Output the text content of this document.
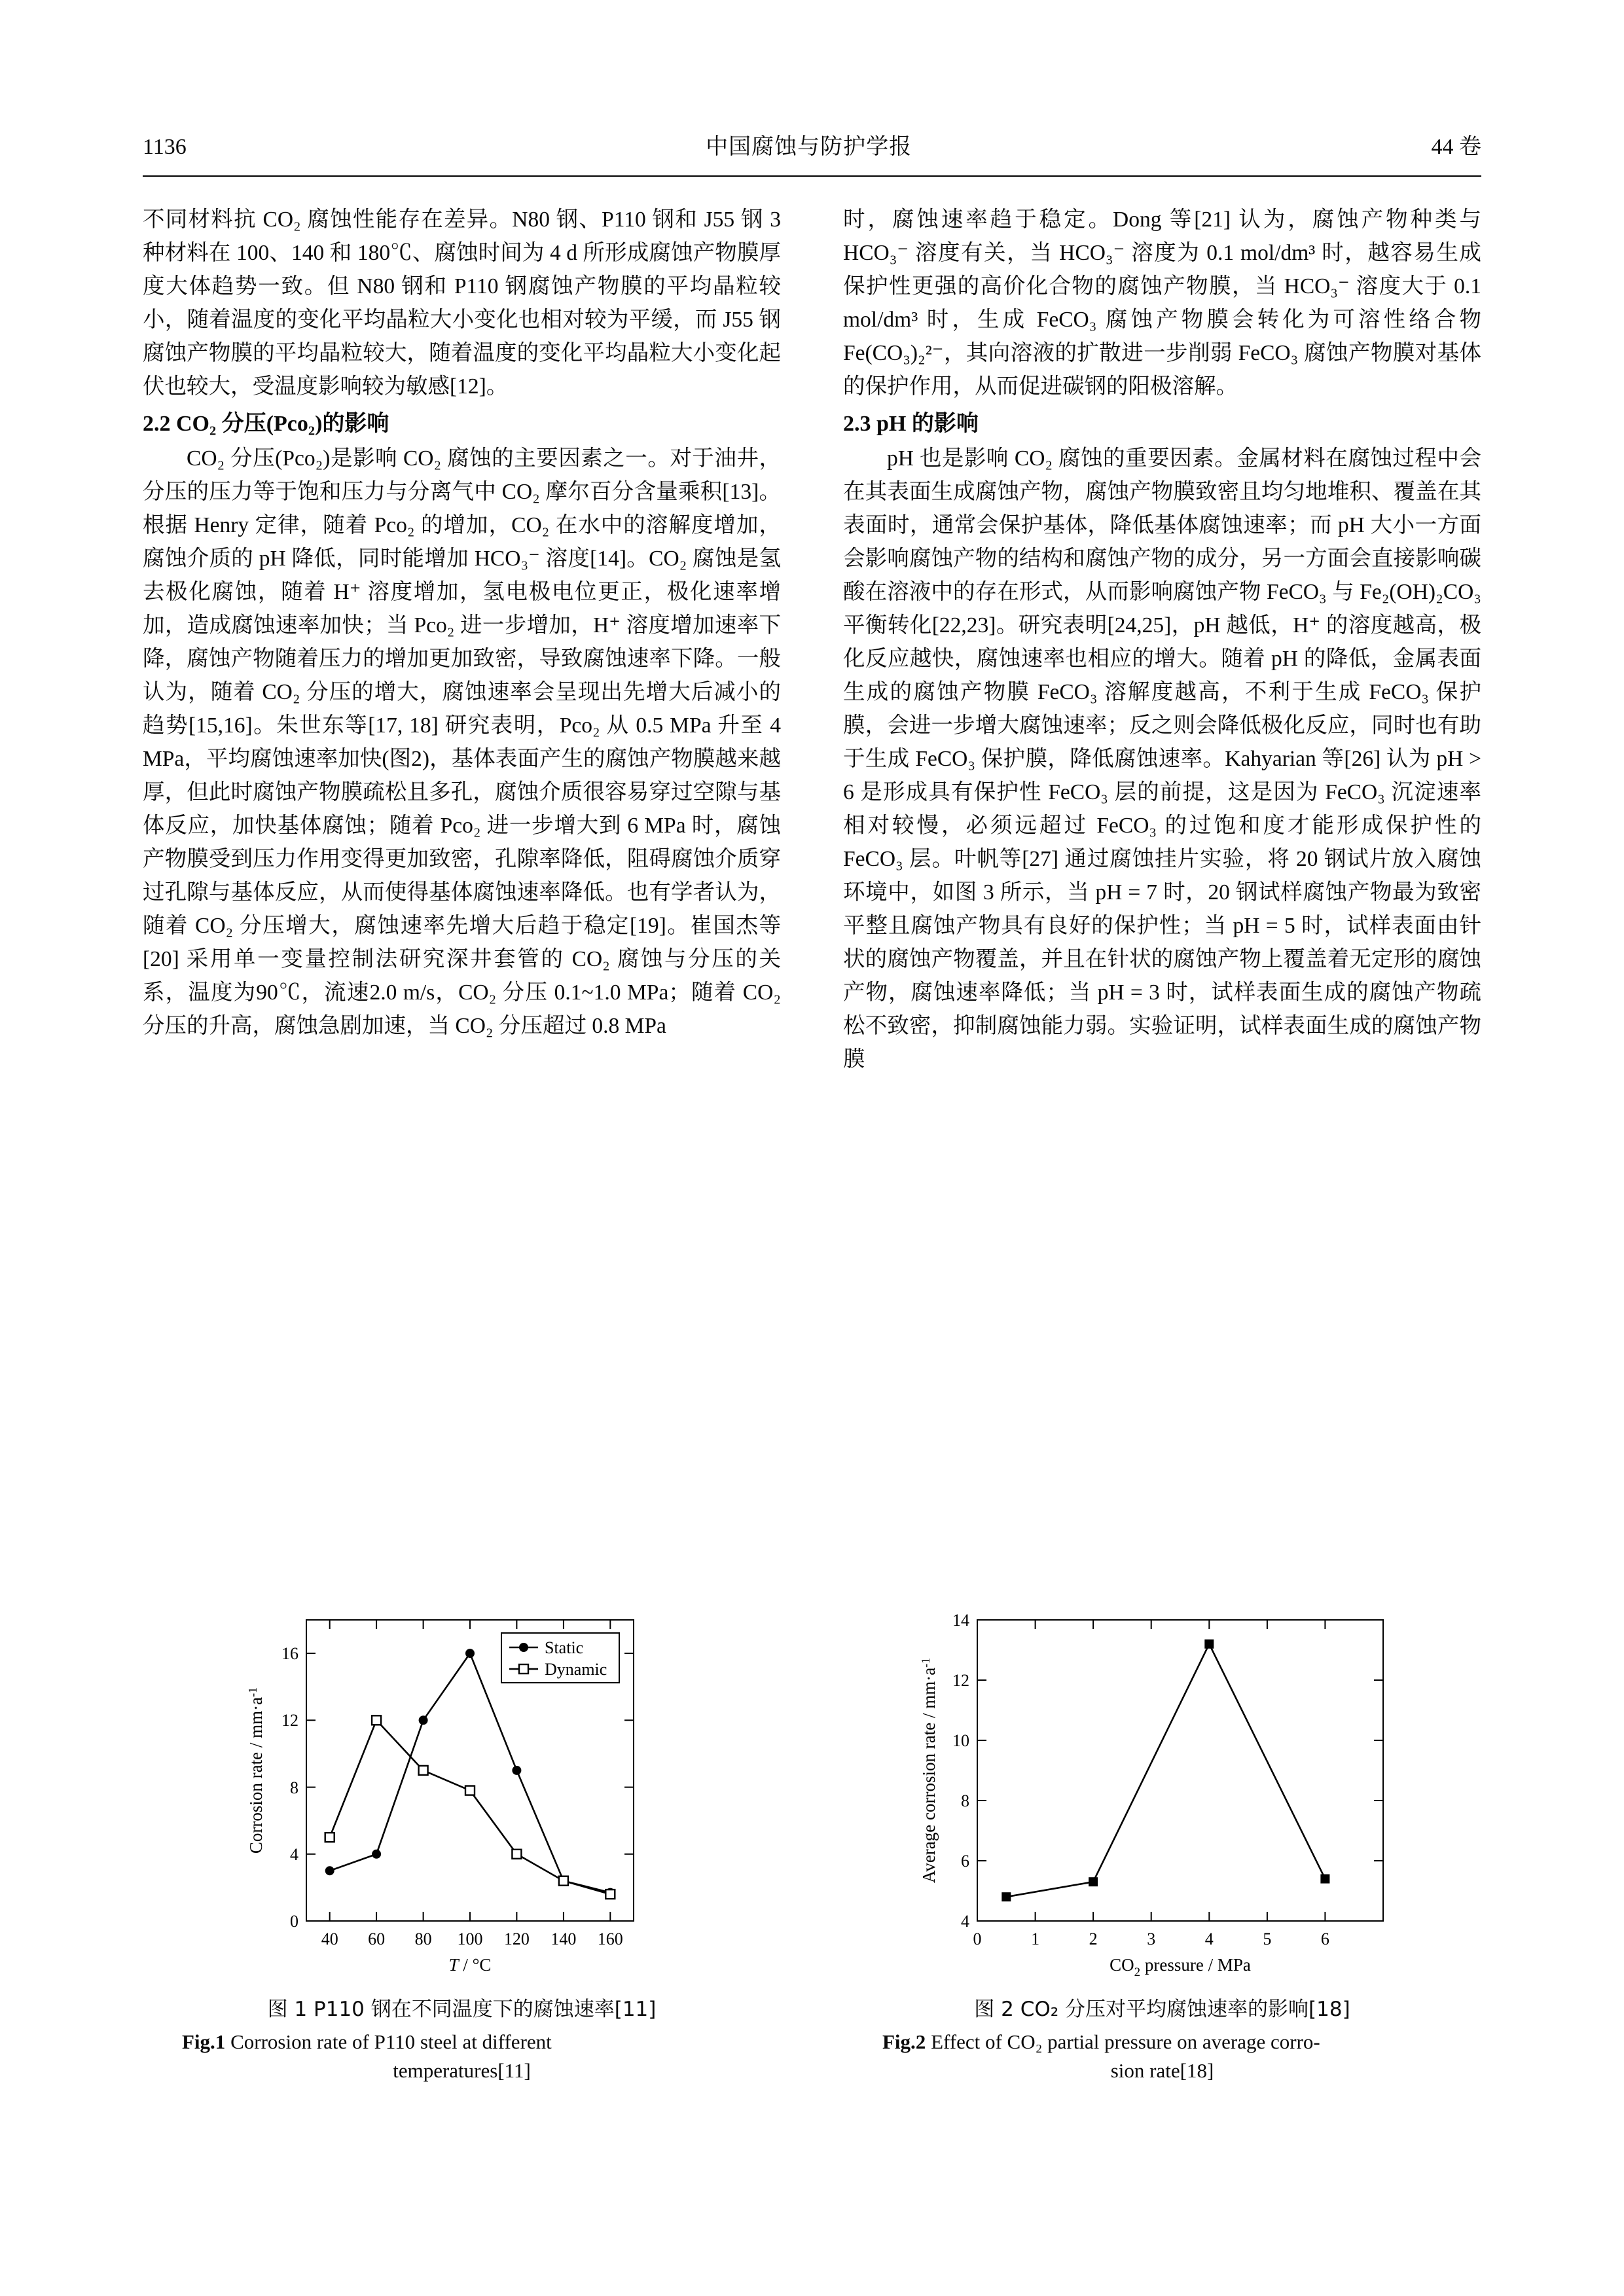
1136	中国腐蚀与防护学报	44 卷

不同材料抗 CO₂ 腐蚀性能存在差异。N80 钢、P110 钢和 J55 钢 3 种材料在 100、140 和 180℃、腐蚀时间为 4 d 所形成腐蚀产物膜厚度大体趋势一致。但 N80 钢和 P110 钢腐蚀产物膜的平均晶粒较小，随着温度的变化平均晶粒大小变化也相对较为平缓，而 J55 钢腐蚀产物膜的平均晶粒较大，随着温度的变化平均晶粒大小变化起伏也较大，受温度影响较为敏感[12]。

2.2 CO₂ 分压(Pco₂)的影响

CO₂ 分压(Pco₂)是影响 CO₂ 腐蚀的主要因素之一。对于油井，分压的压力等于饱和压力与分离气中 CO₂ 摩尔百分含量乘积[13]。根据 Henry 定律，随着 Pco₂ 的增加，CO₂ 在水中的溶解度增加，腐蚀介质的 pH 降低，同时能增加 HCO₃⁻ 溶度[14]。CO₂ 腐蚀是氢去极化腐蚀，随着 H⁺ 溶度增加，氢电极电位更正，极化速率增加，造成腐蚀速率加快；当 Pco₂ 进一步增加，H⁺ 溶度增加速率下降，腐蚀产物随着压力的增加更加致密，导致腐蚀速率下降。一般认为，随着 CO₂ 分压的增大，腐蚀速率会呈现出先增大后减小的趋势[15,16]。朱世东等[17, 18] 研究表明，Pco₂ 从 0.5 MPa 升至 4 MPa，平均腐蚀速率加快(图2)，基体表面产生的腐蚀产物膜越来越厚，但此时腐蚀产物膜疏松且多孔，腐蚀介质很容易穿过空隙与基体反应，加快基体腐蚀；随着 Pco₂ 进一步增大到 6 MPa 时，腐蚀产物膜受到压力作用变得更加致密，孔隙率降低，阻碍腐蚀介质穿过孔隙与基体反应，从而使得基体腐蚀速率降低。也有学者认为，随着 CO₂ 分压增大，腐蚀速率先增大后趋于稳定[19]。崔国杰等[20] 采用单一变量控制法研究深井套管的 CO₂ 腐蚀与分压的关系，温度为90℃，流速2.0 m/s，CO₂ 分压 0.1~1.0 MPa；随着 CO₂ 分压的升高，腐蚀急剧加速，当 CO₂ 分压超过 0.8 MPa

时，腐蚀速率趋于稳定。Dong 等[21] 认为，腐蚀产物种类与 HCO₃⁻ 溶度有关，当 HCO₃⁻ 溶度为 0.1 mol/dm³ 时，越容易生成保护性更强的高价化合物的腐蚀产物膜，当 HCO₃⁻ 溶度大于 0.1 mol/dm³ 时，生成 FeCO₃ 腐蚀产物膜会转化为可溶性络合物 Fe(CO₃)₂²⁻，其向溶液的扩散进一步削弱 FeCO₃ 腐蚀产物膜对基体的保护作用，从而促进碳钢的阳极溶解。

2.3 pH 的影响

pH 也是影响 CO₂ 腐蚀的重要因素。金属材料在腐蚀过程中会在其表面生成腐蚀产物，腐蚀产物膜致密且均匀地堆积、覆盖在其表面时，通常会保护基体，降低基体腐蚀速率；而 pH 大小一方面会影响腐蚀产物的结构和腐蚀产物的成分，另一方面会直接影响碳酸在溶液中的存在形式，从而影响腐蚀产物 FeCO₃ 与 Fe₂(OH)₂CO₃ 平衡转化[22,23]。研究表明[24,25]，pH 越低，H⁺ 的溶度越高，极化反应越快，腐蚀速率也相应的增大。随着 pH 的降低，金属表面生成的腐蚀产物膜 FeCO₃ 溶解度越高，不利于生成 FeCO₃ 保护膜，会进一步增大腐蚀速率；反之则会降低极化反应，同时也有助于生成 FeCO₃ 保护膜，降低腐蚀速率。Kahyarian 等[26] 认为 pH > 6 是形成具有保护性 FeCO₃ 层的前提，这是因为 FeCO₃ 沉淀速率相对较慢，必须远超过 FeCO₃ 的过饱和度才能形成保护性的 FeCO₃ 层。叶帆等[27] 通过腐蚀挂片实验，将 20 钢试片放入腐蚀环境中，如图 3 所示，当 pH = 7 时，20 钢试样腐蚀产物最为致密平整且腐蚀产物具有良好的保护性；当 pH = 5 时，试样表面由针状的腐蚀产物覆盖，并且在针状的腐蚀产物上覆盖着无定形的腐蚀产物，腐蚀速率降低；当 pH = 3 时，试样表面生成的腐蚀产物疏松不致密，抑制腐蚀能力弱。实验证明，试样表面生成的腐蚀产物膜

0
4
8
12
16
40 60 80 100 120 140 160
T / °C
Corrosion rate / $mm\cdot a^{-1}$
Static
Dynamic
图 1 P110 钢在不同温度下的腐蚀速率[11]
Fig.1 Corrosion rate of P110 steel at different
temperatures[11]
4
6
8
10
12
14
0	1	2	3	4	5	6
$CO_2$ pressure / MPa
Average corrosion rate / $mm\cdot a^{-1}$
图 2 CO₂ 分压对平均腐蚀速率的影响[18]
Fig.2 Effect of CO₂ partial pressure on average corro-
sion rate[18]
